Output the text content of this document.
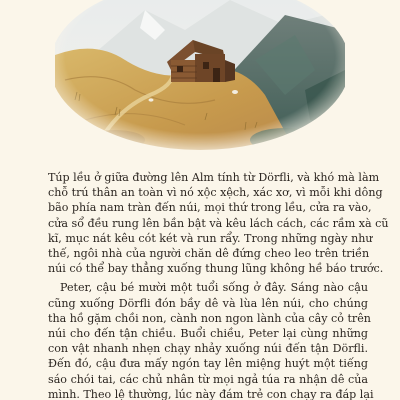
Túp lều ở giữa đường lên Alm tính từ Dörfli, và khó mà làm
chỗ trú thân an toàn vì nó xộc xệch, xác xơ, vì mỗi khi dông
bão phía nam tràn đến núi, mọi thứ trong lều, cửa ra vào,
cửa sổ đều rung lên bần bật và kêu lách cách, các rầm xà cũ
kĩ, mục nát kêu cót két và run rẩy. Trong những ngày như
thế, ngôi nhà của người chăn dê đứng cheo leo trên triền
núi có thể bay thẳng xuống thung lũng không hề báo trước.

Peter, cậu bé mười một tuổi sống ở đây. Sáng nào cậu

cũng xuống Dörfli đón bầy dê và lùa lên núi, cho chúng
tha hồ gặm chồi non, cành non ngon lành của cây cỏ trên
núi cho đến tận chiều. Buổi chiều, Peter lại cùng những
con vật nhanh nhẹn chạy nhảy xuống núi đến tận Dörfli.
Đến đó, cậu đưa mấy ngón tay lên miệng huýt một tiếng
sáo chói tai, các chủ nhân từ mọi ngả túa ra nhận dê của
mình. Theo lệ thường, lúc này đám trẻ con chạy ra đáp lại
